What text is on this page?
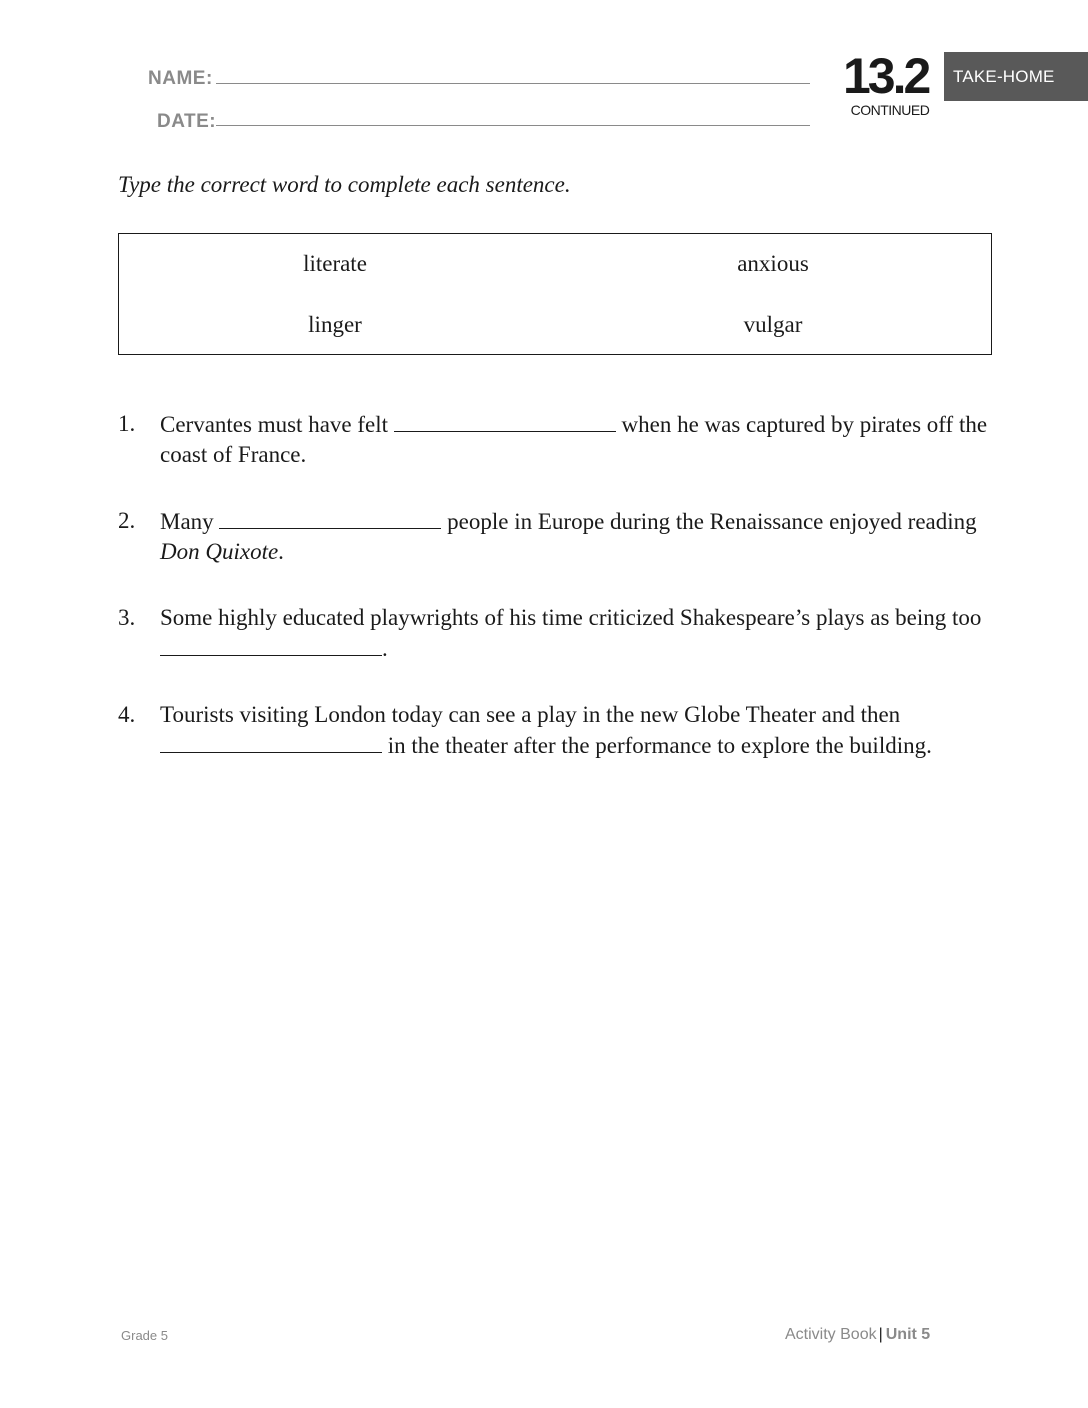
NAME:
DATE:
13.2
CONTINUED
TAKE-HOME
Type the correct word to complete each sentence.
literate	anxious
linger	vulgar
1. Cervantes must have felt	when he was captured by pirates off the coast of France.
2. Many	people in Europe during the Renaissance enjoyed reading Don Quixote.
3. Some highly educated playwrights of his time criticized Shakespeare’s plays as being too .
4. Tourists visiting London today can see a play in the new Globe Theater and then  in the theater after the performance to explore the building.
Grade 5	Activity Book | Unit 5
